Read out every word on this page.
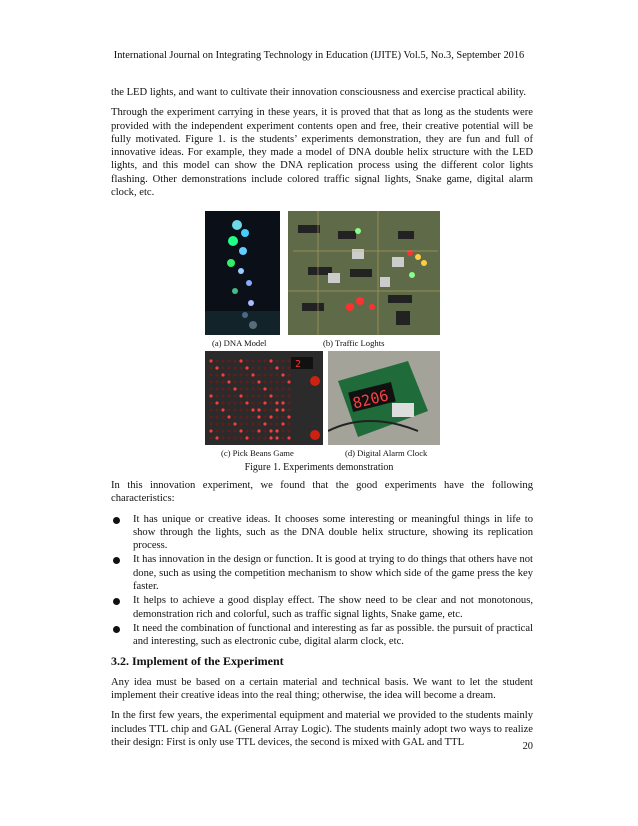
International Journal on Integrating Technology in Education (IJITE) Vol.5, No.3, September 2016

the LED lights, and want to cultivate their innovation consciousness and exercise practical ability.

Through the experiment carrying in these years, it is proved that that as long as the students were provided with the independent experiment contents open and free, their creative potential will be fully motivated. Figure 1. is the students’ experiments demonstration, they are fun and full of innovative ideas. For example, they made a model of DNA double helix structure with the LED lights, and this model can show the DNA replication process using the different color lights flashing. Other demonstrations include colored traffic signal lights, Snake game, digital alarm clock, etc.

(a) DNA Model	(b) Traffic Loghts
2
8206
(c) Pick Beans Game	(d) Digital Alarm Clock
Figure 1. Experiments demonstration

In this innovation experiment, we found that the good experiments have the following characteristics:

It has unique or creative ideas. It chooses some interesting or meaningful things in life to show through the lights, such as the DNA double helix structure, showing its replication process.
It has innovation in the design or function. It is good at trying to do things that others have not done, such as using the competition mechanism to show which side of the game press the key faster.
It helps to achieve a good display effect. The show need to be clear and not monotonous, demonstration rich and colorful, such as traffic signal lights, Snake game, etc.
It need the combination of functional and interesting as far as possible. the pursuit of practical and interesting, such as electronic cube, digital alarm clock, etc.
3.2. Implement of the Experiment

Any idea must be based on a certain material and technical basis. We want to let the student implement their creative ideas into the real thing; otherwise, the idea will become a dream.

In the first few years, the experimental equipment and material we provided to the students mainly includes TTL chip and GAL (General Array Logic). The students mainly adopt two ways to realize their design: First is only use TTL devices, the second is mixed with GAL and TTL	20
